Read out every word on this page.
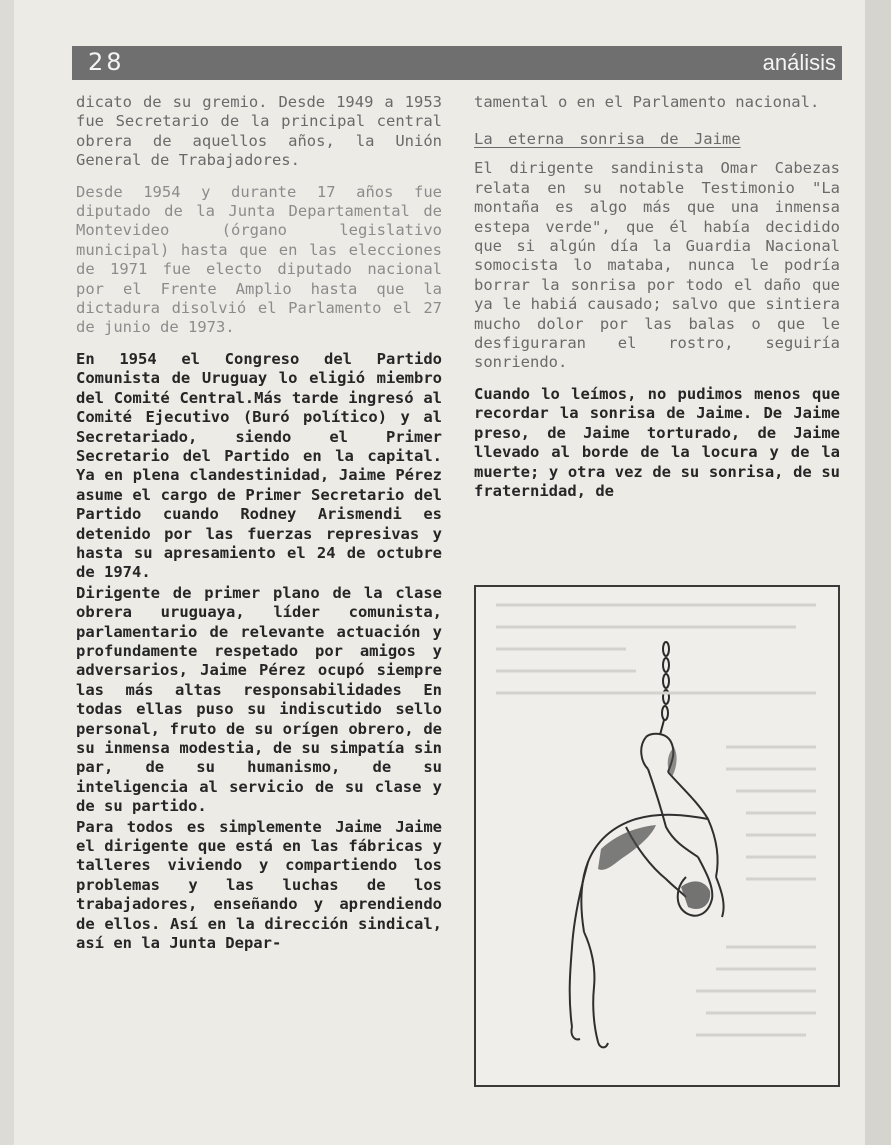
28	análisis

dicato de su gremio. Desde 1949 a 1953 fue Secretario de la principal central obrera de aquellos años, la Unión General de Trabajadores.

Desde 1954 y durante 17 años fue diputado de la Junta Departamental de Montevideo (órgano legislativo municipal) hasta que en las elecciones de 1971 fue electo diputado nacional por el Frente Amplio hasta que la dictadura disolvió el Parlamento el 27 de junio de 1973.

En 1954 el Congreso del Partido Comunista de Uruguay lo eligió miembro del Comité Central.Más tarde ingresó al Comité Ejecutivo (Buró político) y al Secretariado, siendo el Primer Secretario del Partido en la capital. Ya en plena clandestinidad, Jaime Pérez asume el cargo de Primer Secretario del Partido cuando Rodney Arismendi es detenido por las fuerzas represivas y hasta su apresamiento el 24 de octubre de 1974.

Dirigente de primer plano de la clase obrera uruguaya, líder comunista, parlamentario de relevante actuación y profundamente respetado por amigos y adversarios, Jaime Pérez ocupó siempre las más altas responsabilidades En todas ellas puso su indiscutido sello personal, fruto de su orígen obrero, de su inmensa modestia, de su simpatía sin par, de su humanismo, de su inteligencia al servicio de su clase y de su partido.

Para todos es simplemente Jaime Jaime el dirigente que está en las fábricas y talleres viviendo y compartiendo los problemas y las luchas de los trabajadores, enseñando y aprendiendo de ellos. Así en la dirección sindical, así en la Junta Depar-

tamental o en el Parlamento nacional.

La eterna sonrisa de Jaime

El dirigente sandinista Omar Cabezas relata en su notable Testimonio "La montaña es algo más que una inmensa estepa verde", que él había decidido que si algún día la Guardia Nacional somocista lo mataba, nunca le podría borrar la sonrisa por todo el daño que ya le habiá causado; salvo que sintiera mucho dolor por las balas o que le desfiguraran el rostro, seguiría sonriendo.

Cuando lo leímos, no pudimos menos que recordar la sonrisa de Jaime. De Jaime preso, de Jaime torturado, de Jaime llevado al borde de la locura y de la muerte; y otra vez de su sonrisa, de su fraternidad, de
